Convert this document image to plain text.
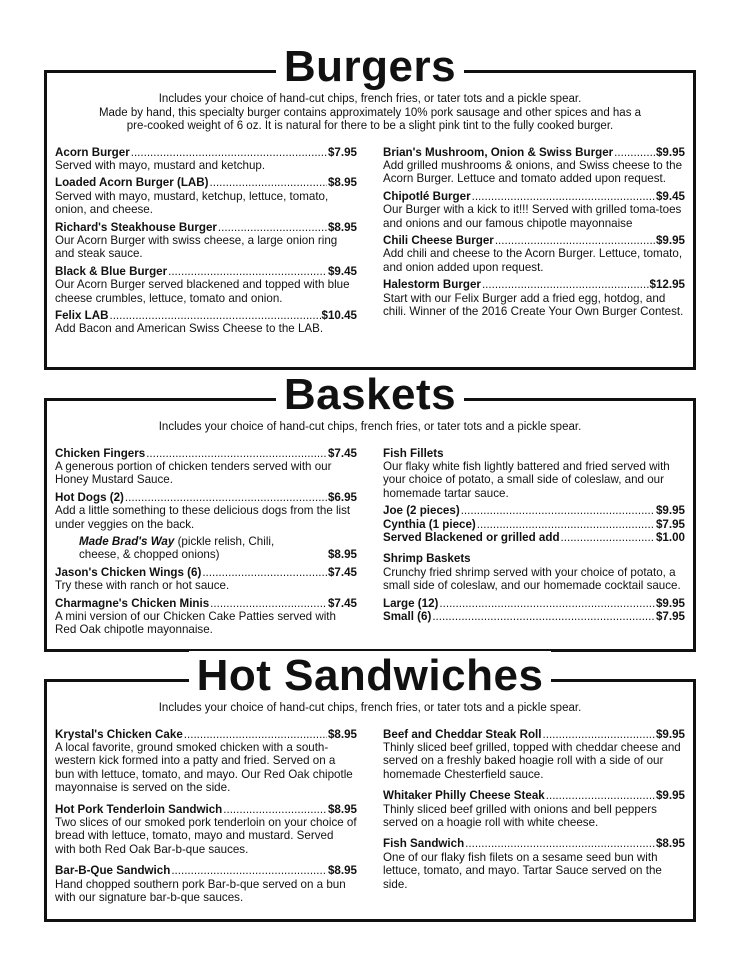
Burgers
Includes your choice of hand-cut chips, french fries, or tater tots and a pickle spear.
Made by hand, this specialty burger contains approximately 10% pork sausage and other spices and has a
pre-cooked weight of 6 oz. It is natural for there to be a slight pink tint to the fully cooked burger.
Acorn Burger .....	$7.95
Served with mayo, mustard and ketchup.
Loaded Acorn Burger (LAB) .....	$8.95
Served with mayo, mustard, ketchup, lettuce, tomato, onion, and cheese.
Richard's Steakhouse Burger .....	$8.95
Our Acorn Burger with swiss cheese, a large onion ring and steak sauce.
Black & Blue Burger .....	$9.45
Our Acorn Burger served blackened and topped with blue cheese crumbles, lettuce, tomato and onion.
Felix LAB .....	$10.45
Add Bacon and American Swiss Cheese to the LAB.
Brian's Mushroom, Onion & Swiss Burger .....	$9.95
Add grilled mushrooms & onions, and Swiss cheese to the Acorn Burger. Lettuce and tomato added upon request.
Chipotlé Burger .....	$9.45
Our Burger with a kick to it!!! Served with grilled toma-toes and onions and our famous chipotle mayonnaise
Chili Cheese Burger .....	$9.95
Add chili and cheese to the Acorn Burger. Lettuce, tomato, and onion added upon request.
Halestorm Burger .....	$12.95
Start with our Felix Burger add a fried egg, hotdog, and chili. Winner of the 2016 Create Your Own Burger Contest.
Baskets
Includes your choice of hand-cut chips, french fries, or tater tots and a pickle spear.
Chicken Fingers .....	$7.45
A generous portion of chicken tenders served with our Honey Mustard Sauce.
Hot Dogs (2) .....	$6.95
Add a little something to these delicious dogs from the list under veggies on the back.
Made Brad's Way (pickle relish, Chili, cheese, & chopped onions)	$8.95
Jason's Chicken Wings (6) .....	$7.45
Try these with ranch or hot sauce.
Charmagne's Chicken Minis .....	$7.45
A mini version of our Chicken Cake Patties served with Red Oak chipotle mayonnaise.
Fish Fillets
Our flaky white fish lightly battered and fried served with your choice of potato, a small side of coleslaw, and our homemade tartar sauce.
Joe (2 pieces) .....	$9.95
Cynthia (1 piece) .....	$7.95
Served Blackened or grilled add .....	$1.00
Shrimp Baskets
Crunchy fried shrimp served with your choice of potato, a small side of coleslaw, and our homemade cocktail sauce.
Large (12) .....	$9.95
Small (6) .....	$7.95
Hot Sandwiches
Includes your choice of hand-cut chips, french fries, or tater tots and a pickle spear.
Krystal's Chicken Cake .....	$8.95
A local favorite, ground smoked chicken with a south-western kick formed into a patty and fried. Served on a bun with lettuce, tomato, and mayo. Our Red Oak chipotle mayonnaise is served on the side.
Hot Pork Tenderloin Sandwich .....	$8.95
Two slices of our smoked pork tenderloin on your choice of bread with lettuce, tomato, mayo and mustard. Served with both Red Oak Bar-b-que sauces.
Bar-B-Que Sandwich .....	$8.95
Hand chopped southern pork Bar-b-que served on a bun with our signature bar-b-que sauces.
Beef and Cheddar Steak Roll .....	$9.95
Thinly sliced beef grilled, topped with cheddar cheese and served on a freshly baked hoagie roll with a side of our homemade Chesterfield sauce.
Whitaker Philly Cheese Steak .....	$9.95
Thinly sliced beef grilled with onions and bell peppers served on a hoagie roll with white cheese.
Fish Sandwich .....	$8.95
One of our flaky fish filets on a sesame seed bun with lettuce, tomato, and mayo. Tartar Sauce served on the side.
